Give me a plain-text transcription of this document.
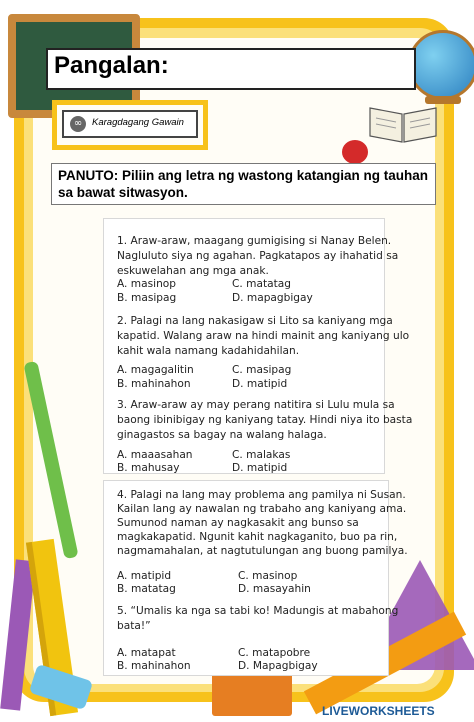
Pangalan:
∞	Karagdagang Gawain
PANUTO: Piliin ang letra ng wastong katangian ng tauhan sa bawat sitwasyon.
1. Araw-araw, maagang gumigising si Nanay Belen.
Nagluluto siya ng agahan. Pagkatapos ay ihahatid sa
eskuwelahan ang mga anak.
A. masinop	C. matatag
B. masipag	D. mapagbigay
2. Palagi na lang nakasigaw si Lito sa kaniyang mga
kapatid. Walang araw na hindi mainit ang kaniyang ulo
kahit wala namang kadahidahilan.
A. magagalitin	C. masipag
B. mahinahon	D. matipid
3. Araw-araw ay may perang natitira si Lulu mula sa
baong ibinibigay ng kaniyang tatay. Hindi niya ito basta
ginagastos sa bagay na walang halaga.
A. maaasahan	C. malakas
B. mahusay	D. matipid
4. Palagi na lang may problema ang pamilya ni Susan.
Kailan lang ay nawalan ng trabaho ang kaniyang ama.
Sumunod naman ay nagkasakit ang bunso sa
magkakapatid. Ngunit kahit nagkaganito, buo pa rin,
nagmamahalan, at nagtutulungan ang buong pamilya.
A. matipid	C. masinop
B. matatag	D. masayahin
5. “Umalis ka nga sa tabi ko! Madungis at mabahong
bata!”
A. matapat	C. matapobre
B. mahinahon	D. Mapagbigay
LIVEWORKSHEETS
